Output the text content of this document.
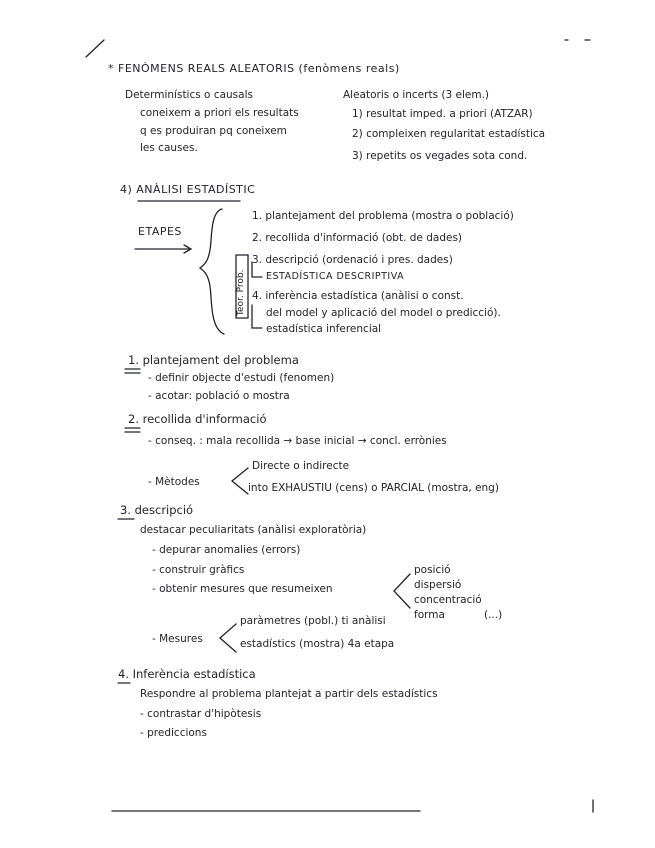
* FENÒMENS REALS ALEATORIS (fenòmens reals)
Determinístics o causals
coneixem a priori els resultats
q es produiran pq coneixem
les causes.
Aleatoris o incerts (3 elem.)
1) resultat imped. a priori (ATZAR)
2) compleixen regularitat estadística
3) repetits os vegades sota cond.
4) ANÀLISI ESTADÍSTIC
ETAPES
Teor. Prob.
1. plantejament del problema (mostra o població)
2. recollida d'informació (obt. de dades)
3. descripció (ordenació i pres. dades)
ESTADÍSTICA DESCRIPTIVA
4. inferència estadística (anàlisi o const.
del model y aplicació del model o predicció).
estadística inferencial
1. plantejament del problema
- definir objecte d'estudi (fenomen)
- acotar: població o mostra
2. recollida d'informació
- conseq. : mala recollida → base inicial → concl. errònies
- Mètodes
Directe o indirecte
into EXHAUSTIU (cens) o PARCIAL (mostra, eng)
3. descripció
destacar peculiaritats (anàlisi exploratòria)
- depurar anomalies (errors)
- construir gràfics
- obtenir mesures que resumeixen
posició
dispersió
concentració
forma	(...)
- Mesures
paràmetres (pobl.) ti anàlisi
estadístics (mostra) 4a etapa
4. Inferència estadística
Respondre al problema plantejat a partir dels estadístics
- contrastar d'hipòtesis
- prediccions
